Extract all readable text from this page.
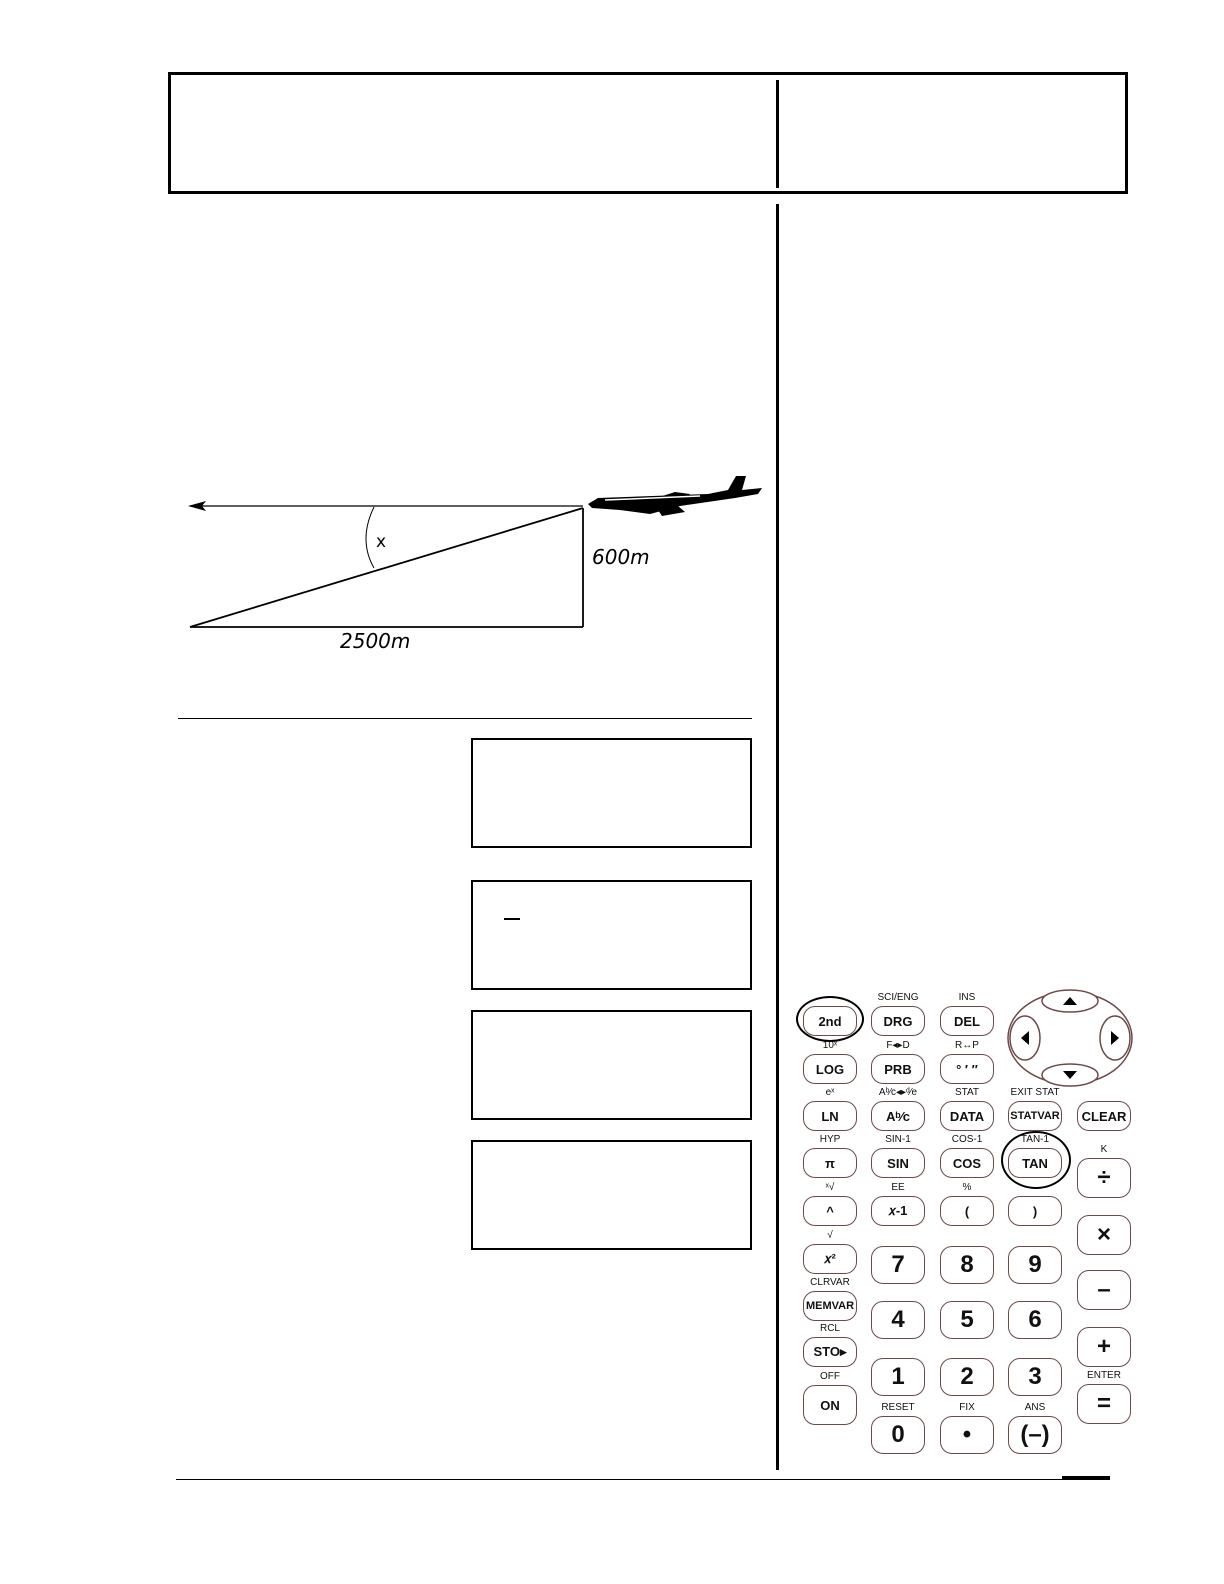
x
600m
2500m
2nd
SCI/ENG
DRG
INS
DEL
10ˣ
LOG
F◂▸D
PRB
R↔P
° ′ ″
eˣ
LN
Aᵇ⁄c◂▸ᵈ⁄e
Aᵇ⁄c
STAT
DATA
EXIT STAT
STATVAR	CLEAR
HYP
π
SIN-1
SIN
COS-1
COS
TAN-1
TAN
ˣ√
^
EE
𝑥-1
%
(	)
√
𝑥²
CLRVAR
MEMVAR
RCL
STO▸
OFF
ON
7	8	9
4	5	6
1	2	3
RESET
0
FIX
•
ANS
(–)
K
÷
×
–
+
ENTER
=
